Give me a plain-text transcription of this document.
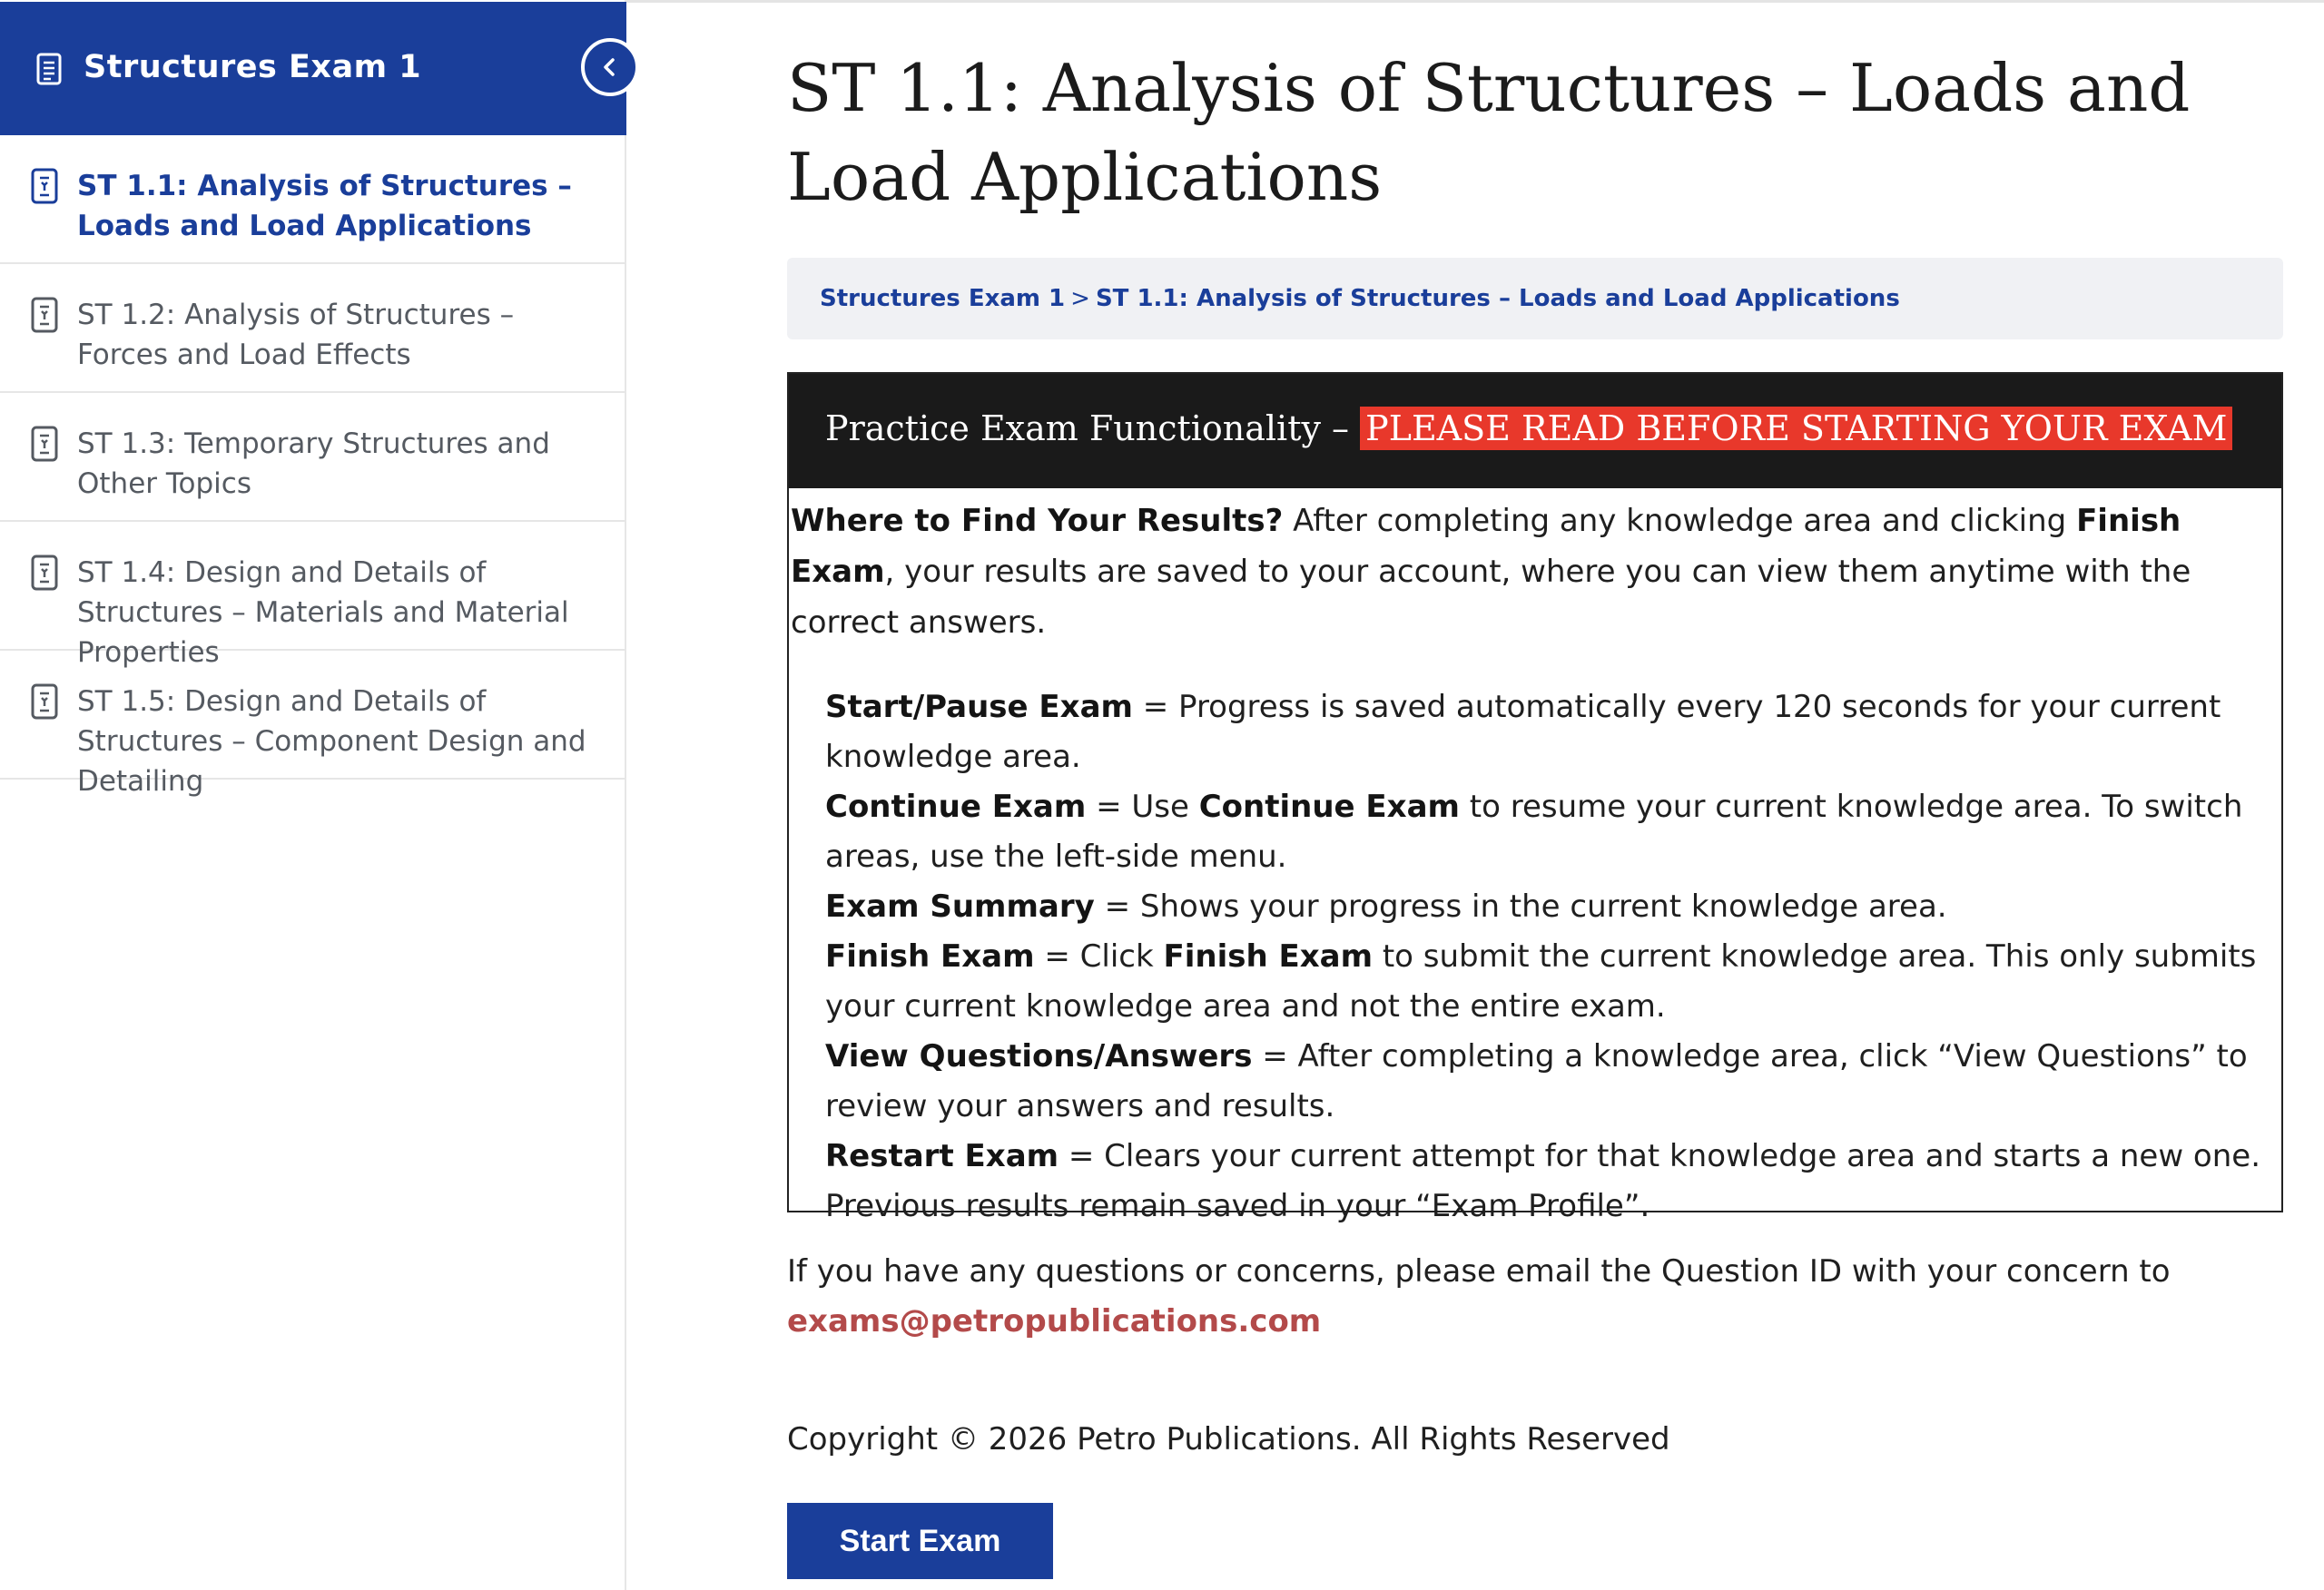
Structures Exam 1
ST 1.1: Analysis of Structures – Loads and Load Applications
ST 1.2: Analysis of Structures – Forces and Load Effects
ST 1.3: Temporary Structures and Other Topics
ST 1.4: Design and Details of Structures – Materials and Material Properties
ST 1.5: Design and Details of Structures – Component Design and Detailing
ST 1.1: Analysis of Structures – Loads and Load Applications
Structures Exam 1 > ST 1.1: Analysis of Structures – Loads and Load Applications
Practice Exam Functionality – PLEASE READ BEFORE STARTING YOUR EXAM

Where to Find Your Results? After completing any knowledge area and clicking Finish Exam, your results are saved to your account, where you can view them anytime with the correct answers.

Start/Pause Exam = Progress is saved automatically every 120 seconds for your current knowledge area.
Continue Exam = Use Continue Exam to resume your current knowledge area. To switch areas, use the left-side menu.
Exam Summary = Shows your progress in the current knowledge area.
Finish Exam = Click Finish Exam to submit the current knowledge area. This only submits your current knowledge area and not the entire exam.
View Questions/Answers = After completing a knowledge area, click “View Questions” to review your answers and results.
Restart Exam = Clears your current attempt for that knowledge area and starts a new one. Previous results remain saved in your “Exam Profile”.
If you have any questions or concerns, please email the Question ID with your concern to
exams@petropublications.com
Copyright © 2026 Petro Publications. All Rights Reserved
Start Exam
